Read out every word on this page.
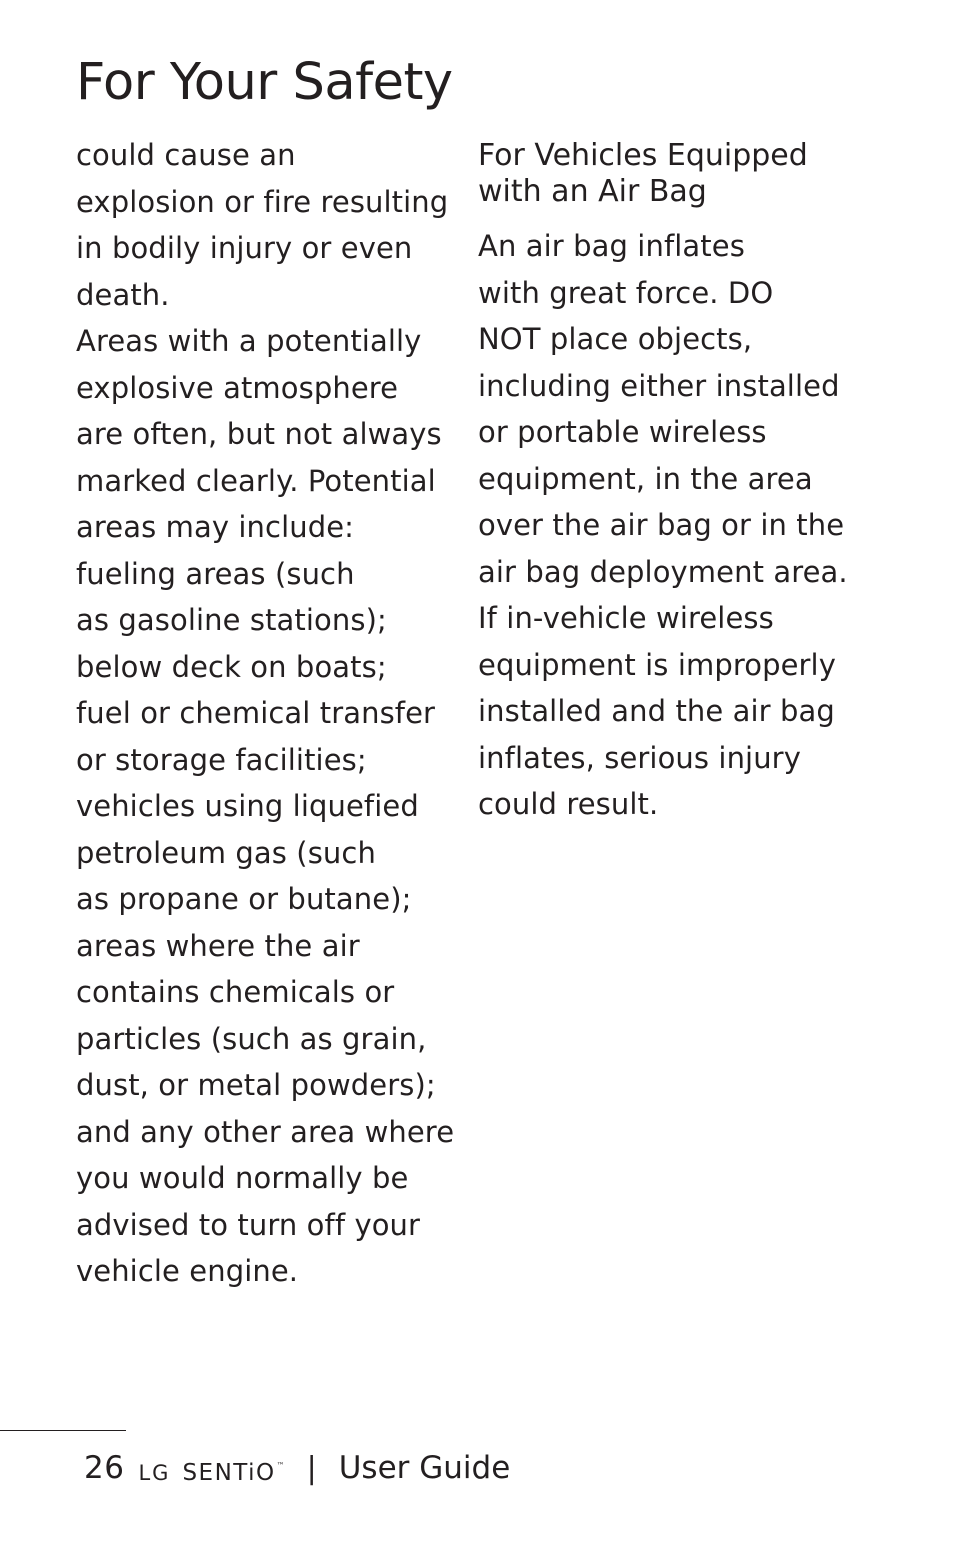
For Your Safety
could cause an
explosion or fire resulting
in bodily injury or even
death.
Areas with a potentially
explosive atmosphere
are often, but not always
marked clearly. Potential
areas may include:
fueling areas (such
as gasoline stations);
below deck on boats;
fuel or chemical transfer
or storage facilities;
vehicles using liquefied
petroleum gas (such
as propane or butane);
areas where the air
contains chemicals or
particles (such as grain,
dust, or metal powders);
and any other area where
you would normally be
advised to turn off your
vehicle engine.
For Vehicles Equipped
with an Air Bag
An air bag inflates
with great force. DO
NOT place objects,
including either installed
or portable wireless
equipment, in the area
over the air bag or in the
air bag deployment area.
If in-vehicle wireless
equipment is improperly
installed and the air bag
inflates, serious injury
could result.
26 LG SENTiO ™ | User Guide
